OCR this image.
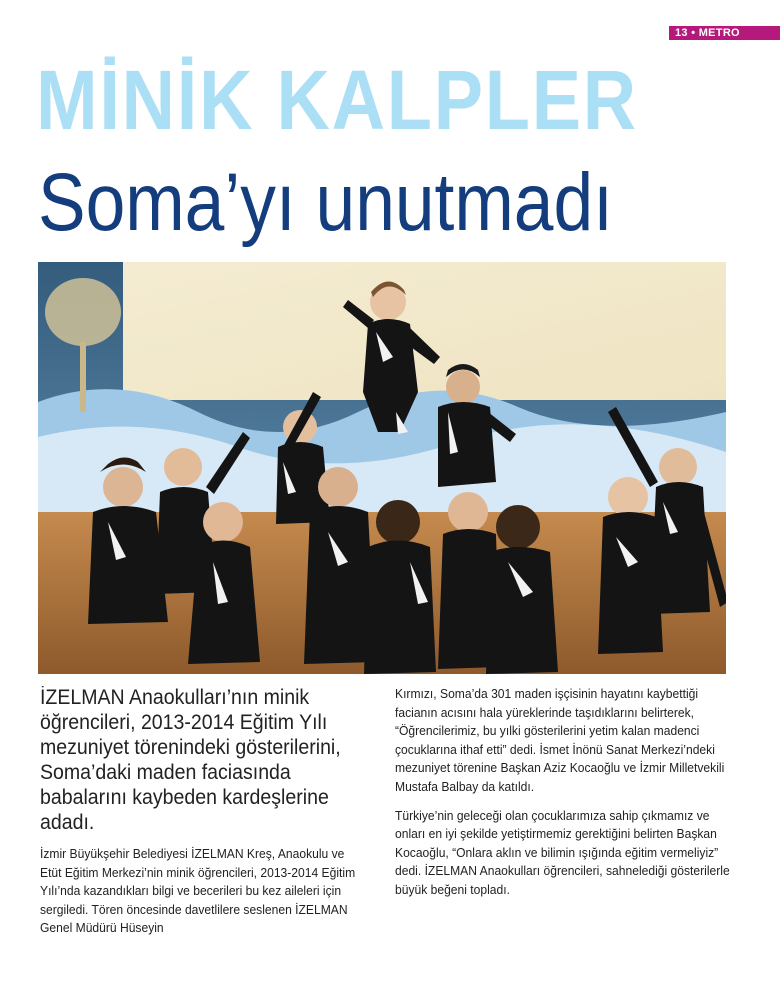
13 • METRO
MİNİK KALPLER
Soma’yı unutmadı

İZELMAN Anaokulları’nın minik öğrencileri, 2013-2014 Eğitim Yılı mezuniyet törenindeki gösterilerini, Soma’daki maden faciasında babalarını kaybeden kardeşlerine adadı.

İzmir Büyükşehir Belediyesi İZELMAN Kreş, Anaokulu ve Etüt Eğitim Merkezi’nin minik öğrencileri, 2013-2014 Eğitim Yılı’nda kazandıkları bilgi ve becerileri bu kez aileleri için sergiledi. Tören öncesinde davetlilere seslenen İZELMAN Genel Müdürü Hüseyin

Kırmızı, Soma’da 301 maden işçisinin hayatını kaybettiği facianın acısını hala yüreklerinde taşıdıklarını belirterek, “Öğrencilerimiz, bu yılki gösterilerini yetim kalan madenci çocuklarına ithaf etti” dedi. İsmet İnönü Sanat Merkezi’ndeki mezuniyet törenine Başkan Aziz Kocaoğlu ve İzmir Milletvekili Mustafa Balbay da katıldı.

Türkiye’nin geleceği olan çocuklarımıza sahip çıkmamız ve onları en iyi şekilde yetiştirmemiz gerektiğini belirten Başkan Kocaoğlu, “Onlara aklın ve bilimin ışığında eğitim vermeliyiz” dedi. İZELMAN Anaokulları öğrencileri, sahnelediği gösterilerle büyük beğeni topladı.
